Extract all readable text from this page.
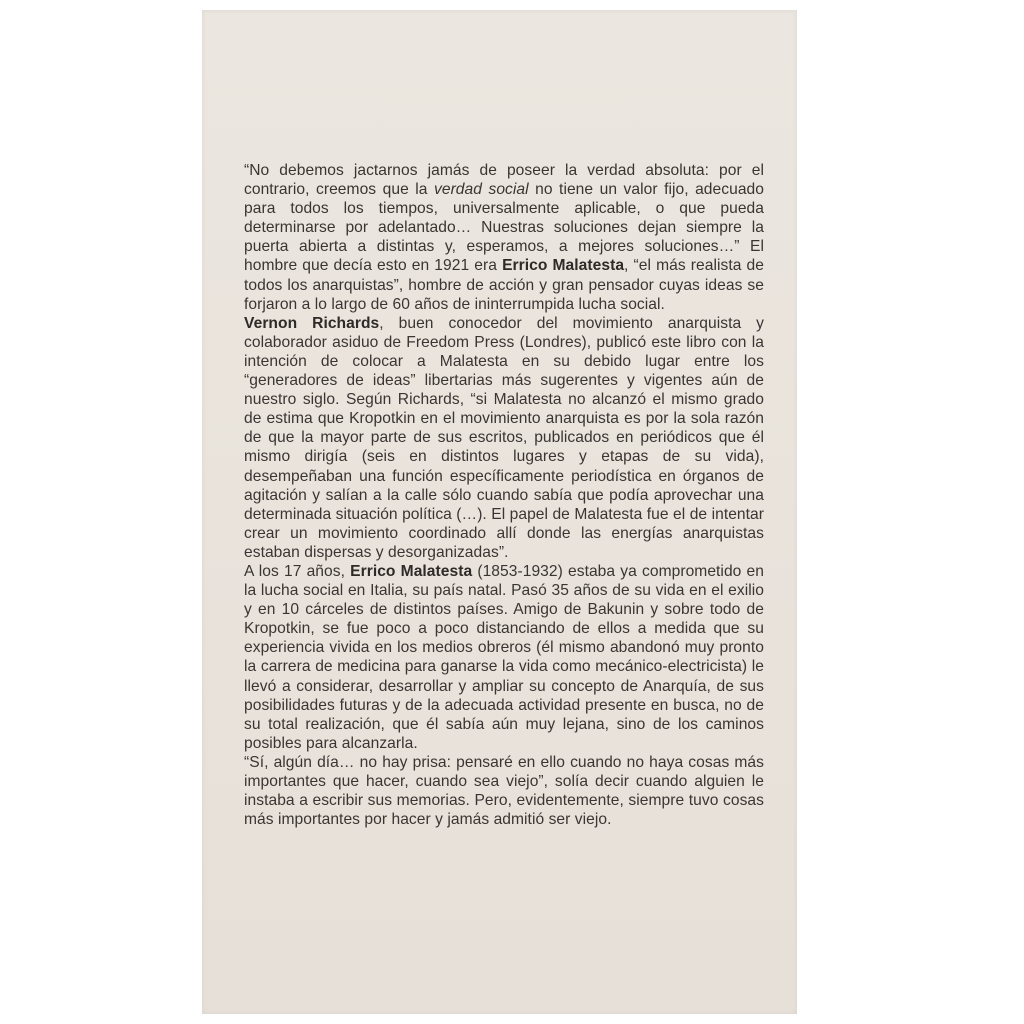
“No debemos jactarnos jamás de poseer la verdad absoluta: por el contrario, creemos que la verdad social no tiene un valor fijo, adecuado para todos los tiempos, universalmente aplicable, o que pueda determinarse por adelantado… Nuestras soluciones dejan siempre la puerta abierta a distintas y, esperamos, a mejores soluciones…” El hombre que decía esto en 1921 era Errico Malatesta, “el más realista de todos los anarquistas”, hombre de acción y gran pensador cuyas ideas se forjaron a lo largo de 60 años de ininterrumpida lucha social.

Vernon Richards, buen conocedor del movimiento anarquista y colaborador asiduo de Freedom Press (Londres), publicó este libro con la intención de colocar a Malatesta en su debido lugar entre los “generadores de ideas” libertarias más sugerentes y vigentes aún de nuestro siglo. Según Richards, “si Malatesta no alcanzó el mismo grado de estima que Kropotkin en el movimiento anarquista es por la sola razón de que la mayor parte de sus escritos, publicados en periódicos que él mismo dirigía (seis en distintos lugares y etapas de su vida), desempeñaban una función específicamente periodística en órganos de agitación y salían a la calle sólo cuando sabía que podía aprovechar una determinada situación política (…). El papel de Malatesta fue el de intentar crear un movimiento coordinado allí donde las energías anarquistas estaban dispersas y desorganizadas”.

A los 17 años, Errico Malatesta (1853-1932) estaba ya comprometido en la lucha social en Italia, su país natal. Pasó 35 años de su vida en el exilio y en 10 cárceles de distintos países. Amigo de Bakunin y sobre todo de Kropotkin, se fue poco a poco distanciando de ellos a medida que su experiencia vivida en los medios obreros (él mismo abandonó muy pronto la carrera de medicina para ganarse la vida como mecánico-electricista) le llevó a considerar, desarrollar y ampliar su concepto de Anarquía, de sus posibilidades futuras y de la adecuada actividad presente en busca, no de su total realización, que él sabía aún muy lejana, sino de los caminos posibles para alcanzarla.

“Sí, algún día… no hay prisa: pensaré en ello cuando no haya cosas más importantes que hacer, cuando sea viejo”, solía decir cuando alguien le instaba a escribir sus memorias. Pero, evidentemente, siempre tuvo cosas más importantes por hacer y jamás admitió ser viejo.
